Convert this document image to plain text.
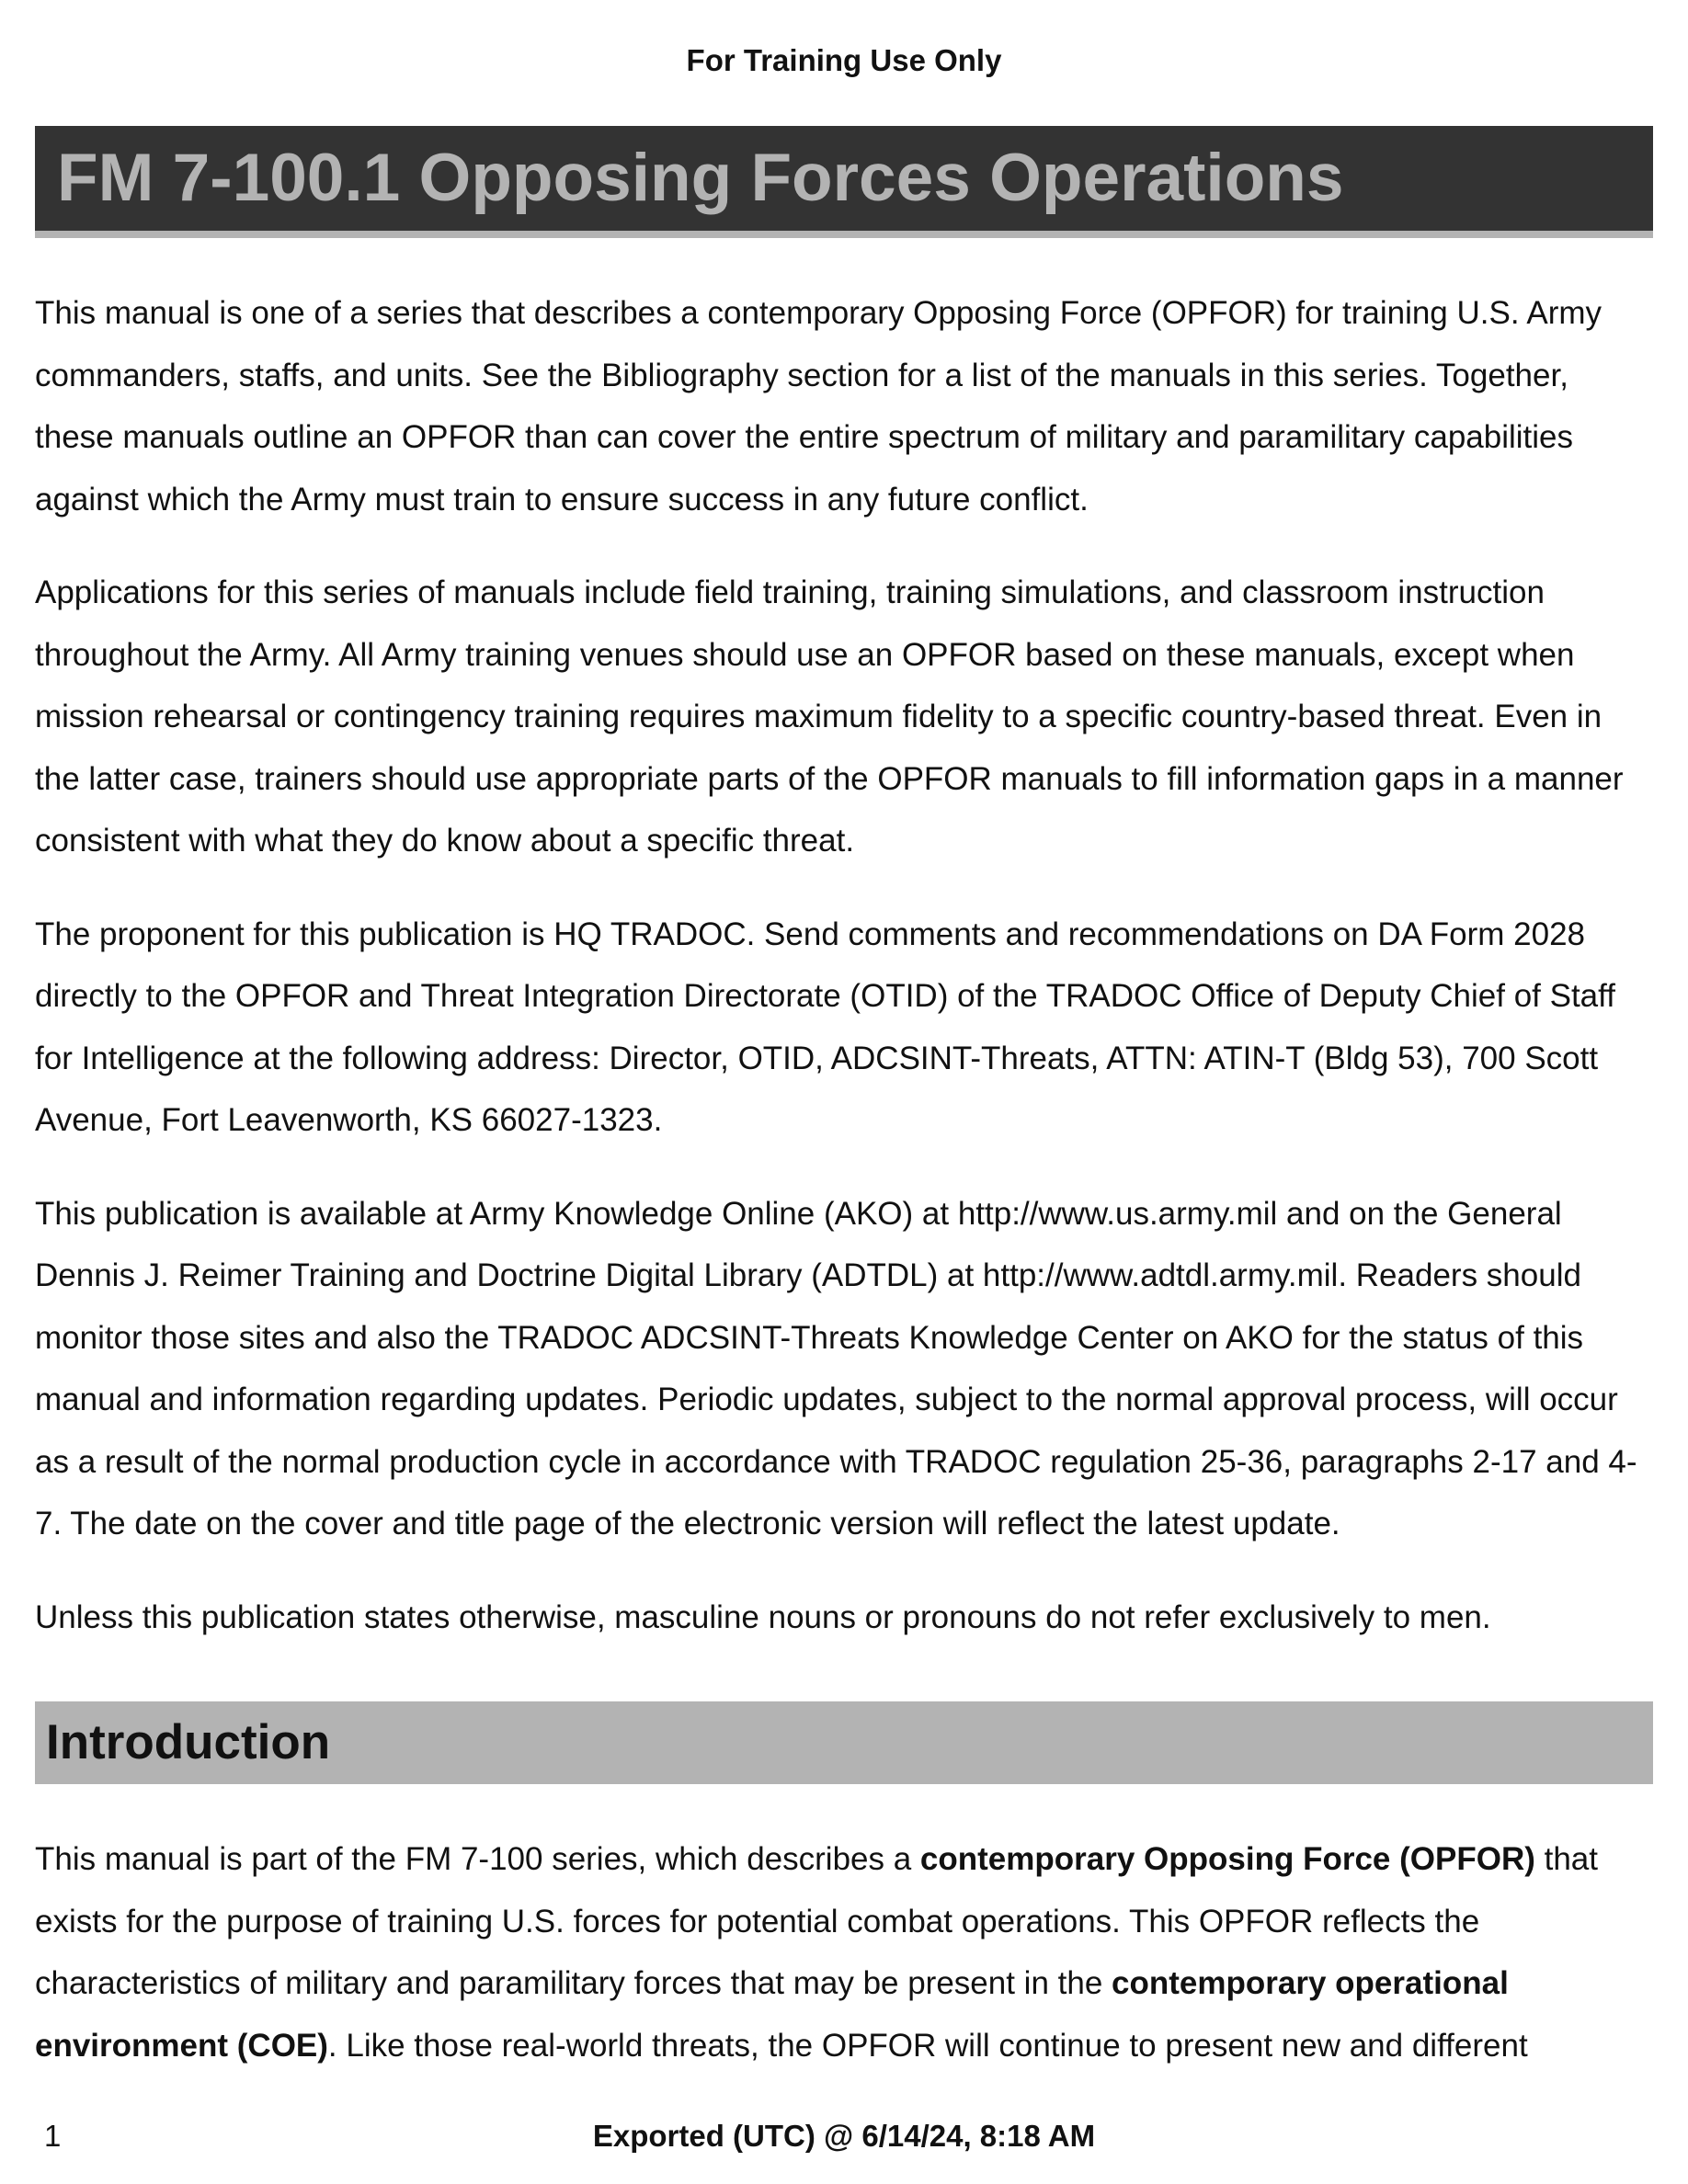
For Training Use Only
FM 7-100.1 Opposing Forces Operations

This manual is one of a series that describes a contemporary Opposing Force (OPFOR) for training U.S. Army commanders, staffs, and units. See the Bibliography section for a list of the manuals in this series. Together, these manuals outline an OPFOR than can cover the entire spectrum of military and paramilitary capabilities against which the Army must train to ensure success in any future conflict.

Applications for this series of manuals include field training, training simulations, and classroom instruction throughout the Army. All Army training venues should use an OPFOR based on these manuals, except when mission rehearsal or contingency training requires maximum fidelity to a specific country-based threat. Even in the latter case, trainers should use appropriate parts of the OPFOR manuals to fill information gaps in a manner consistent with what they do know about a specific threat.

The proponent for this publication is HQ TRADOC. Send comments and recommendations on DA Form 2028 directly to the OPFOR and Threat Integration Directorate (OTID) of the TRADOC Office of Deputy Chief of Staff for Intelligence at the following address: Director, OTID, ADCSINT-Threats, ATTN: ATIN-T (Bldg 53), 700 Scott Avenue, Fort Leavenworth, KS 66027-1323.

This publication is available at Army Knowledge Online (AKO) at http://www.us.army.mil and on the General Dennis J. Reimer Training and Doctrine Digital Library (ADTDL) at http://www.adtdl.army.mil. Readers should monitor those sites and also the TRADOC ADCSINT-Threats Knowledge Center on AKO for the status of this manual and information regarding updates. Periodic updates, subject to the normal approval process, will occur as a result of the normal production cycle in accordance with TRADOC regulation 25-36, paragraphs 2-17 and 4-7. The date on the cover and title page of the electronic version will reflect the latest update.

Unless this publication states otherwise, masculine nouns or pronouns do not refer exclusively to men.

Introduction

This manual is part of the FM 7-100 series, which describes a contemporary Opposing Force (OPFOR) that exists for the purpose of training U.S. forces for potential combat operations. This OPFOR reflects the characteristics of military and paramilitary forces that may be present in the contemporary operational environment (COE). Like those real-world threats, the OPFOR will continue to present new and different

1	Exported (UTC) @ 6/14/24, 8:18 AM
